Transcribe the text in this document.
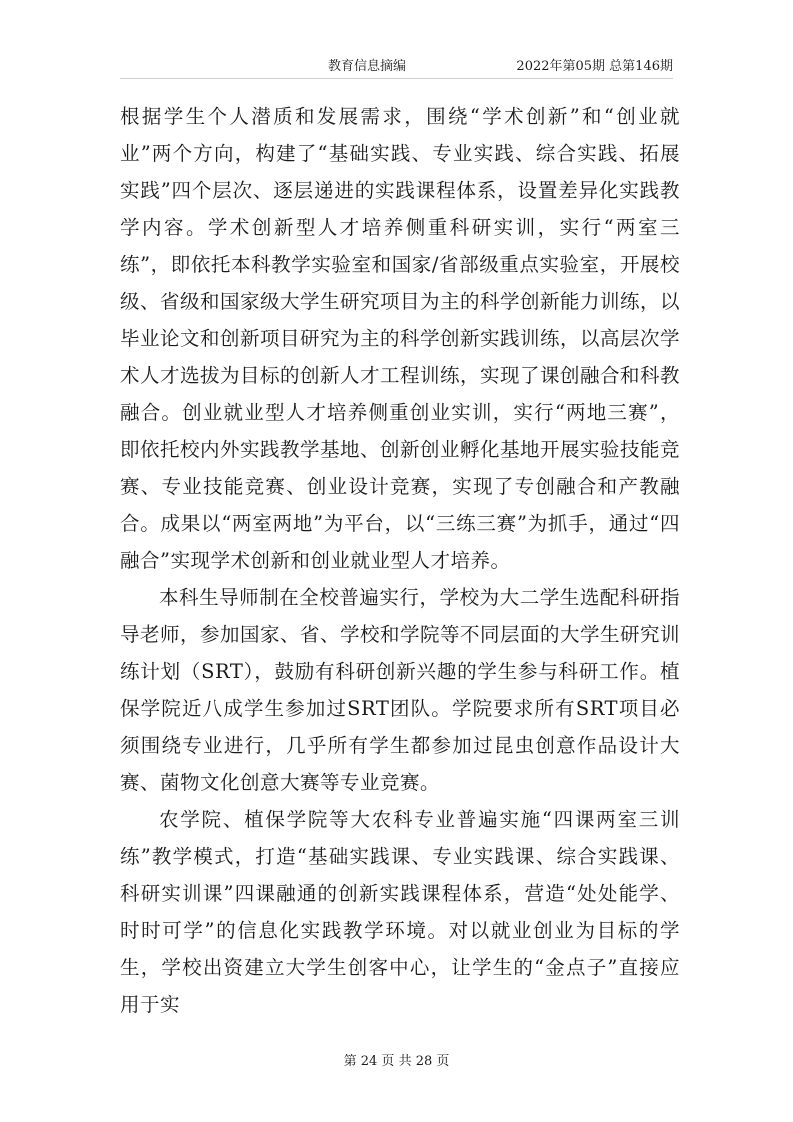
教育信息摘编	2022年第05期 总第146期

根据学生个人潜质和发展需求，围绕“学术创新”和“创业就业”两个方向，构建了“基础实践、专业实践、综合实践、拓展实践”四个层次、逐层递进的实践课程体系，设置差异化实践教学内容。学术创新型人才培养侧重科研实训，实行“两室三练”，即依托本科教学实验室和国家/省部级重点实验室，开展校级、省级和国家级大学生研究项目为主的科学创新能力训练，以毕业论文和创新项目研究为主的科学创新实践训练，以高层次学术人才选拔为目标的创新人才工程训练，实现了课创融合和科教融合。创业就业型人才培养侧重创业实训，实行“两地三赛”，即依托校内外实践教学基地、创新创业孵化基地开展实验技能竞赛、专业技能竞赛、创业设计竞赛，实现了专创融合和产教融合。成果以“两室两地”为平台，以“三练三赛”为抓手，通过“四融合”实现学术创新和创业就业型人才培养。

本科生导师制在全校普遍实行，学校为大二学生选配科研指导老师，参加国家、省、学校和学院等不同层面的大学生研究训练计划（SRT），鼓励有科研创新兴趣的学生参与科研工作。植保学院近八成学生参加过SRT团队。学院要求所有SRT项目必须围绕专业进行，几乎所有学生都参加过昆虫创意作品设计大赛、菌物文化创意大赛等专业竞赛。

农学院、植保学院等大农科专业普遍实施“四课两室三训练”教学模式，打造“基础实践课、专业实践课、综合实践课、科研实训课”四课融通的创新实践课程体系，营造“处处能学、时时可学”的信息化实践教学环境。对以就业创业为目标的学生，学校出资建立大学生创客中心，让学生的“金点子”直接应用于实

第 24 页 共 28 页
